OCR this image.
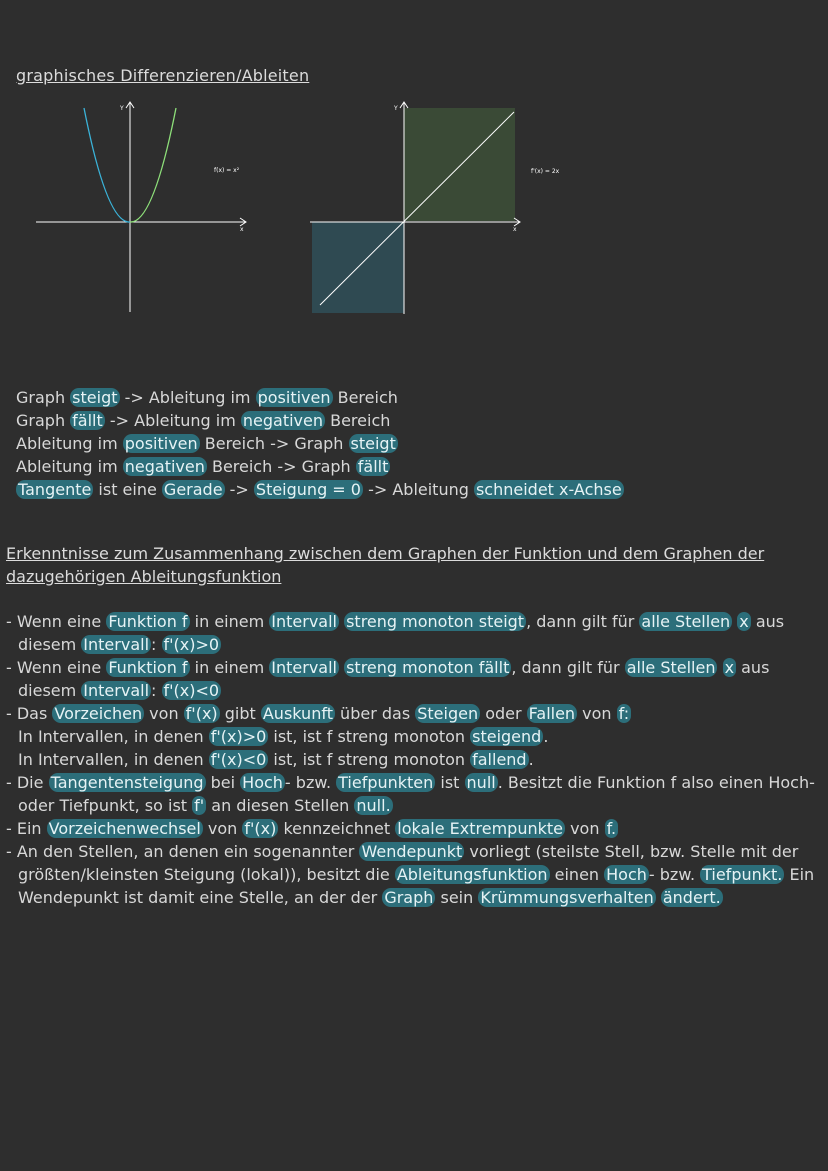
graphisches Differenzieren/Ableiten
Y
x
f(x) = x²
Y
x
f'(x) = 2x
Graph steigt -> Ableitung im positiven Bereich
Graph fällt -> Ableitung im negativen Bereich
Ableitung im positiven Bereich -> Graph steigt
Ableitung im negativen Bereich -> Graph fällt
Tangente ist eine Gerade -> Steigung = 0 -> Ableitung schneidet x-Achse
Erkenntnisse zum Zusammenhang zwischen dem Graphen der Funktion und dem Graphen der dazugehörigen Ableitungsfunktion
- Wenn eine Funktion f in einem Intervall streng monoton steigt , dann gilt für alle Stellen x aus
diesem Intervall : f'(x)>0
- Wenn eine Funktion f in einem Intervall streng monoton fällt , dann gilt für alle Stellen x aus
diesem Intervall : f'(x)<0
- Das Vorzeichen von f'(x) gibt Auskunft über das Steigen oder Fallen von f:
In Intervallen, in denen f'(x)>0 ist, ist f streng monoton steigend .
In Intervallen, in denen f'(x)<0 ist, ist f streng monoton fallend .
- Die Tangentensteigung bei Hoch - bzw. Tiefpunkten ist null . Besitzt die Funktion f also einen Hoch-
oder Tiefpunkt, so ist f' an diesen Stellen null.
- Ein Vorzeichenwechsel von f'(x) kennzeichnet lokale Extrempunkte von f.
- An den Stellen, an denen ein sogenannter Wendepunkt vorliegt (steilste Stell, bzw. Stelle mit der
größten/kleinsten Steigung (lokal)), besitzt die Ableitungsfunktion einen Hoch - bzw. Tiefpunkt. Ein
Wendepunkt ist damit eine Stelle, an der der Graph sein Krümmungsverhalten ändert.
